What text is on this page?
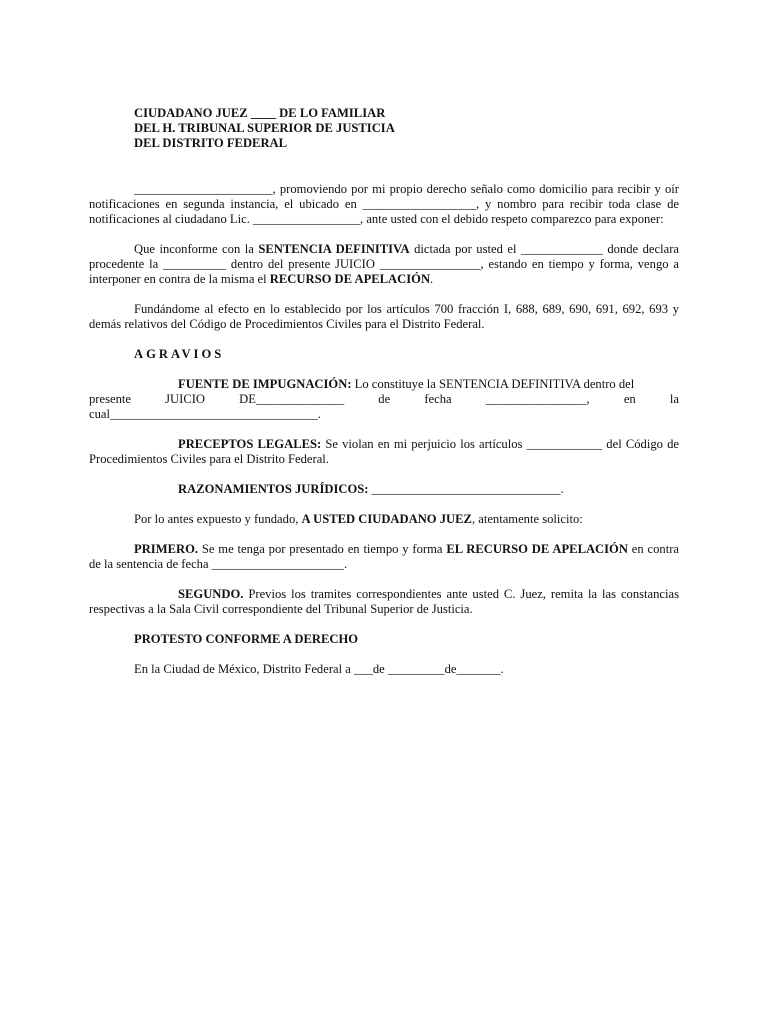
CIUDADANO JUEZ ____ DE LO FAMILIAR
DEL H. TRIBUNAL SUPERIOR DE JUSTICIA
DEL DISTRITO FEDERAL

______________________, promoviendo por mi propio derecho señalo como domicilio para recibir y oír notificaciones en segunda instancia, el ubicado en __________________, y nombro para recibir toda clase de notificaciones al ciudadano Lic. _________________, ante usted con el debido respeto comparezco para exponer:

Que inconforme con la SENTENCIA DEFINITIVA dictada por usted el _____________ donde declara procedente la __________ dentro del presente JUICIO ________________, estando en tiempo y forma, vengo a interponer en contra de la misma el RECURSO DE APELACIÓN.

Fundándome al efecto en lo establecido por los artículos 700 fracción I, 688, 689, 690, 691, 692, 693 y demás relativos del Código de Procedimientos Civiles para el Distrito Federal.

AGRAVIOS

FUENTE DE IMPUGNACIÓN: Lo constituye la SENTENCIA DEFINITIVA dentro del

presente	JUICIO	DE______________	de	fecha	________________,	en	la
cual_________________________________.

PRECEPTOS LEGALES: Se violan en mi perjuicio los artículos ____________ del Código de Procedimientos Civiles para el Distrito Federal.

RAZONAMIENTOS JURÍDICOS: ______________________________.

Por lo antes expuesto y fundado, A USTED CIUDADANO JUEZ, atentamente solicito:

PRIMERO. Se me tenga por presentado en tiempo y forma EL RECURSO DE APELACIÓN en contra de la sentencia de fecha _____________________.

SEGUNDO. Previos los tramites correspondientes ante usted C. Juez, remita la las constancias respectivas a la Sala Civil correspondiente del Tribunal Superior de Justicia.

PROTESTO CONFORME A DERECHO

En la Ciudad de México, Distrito Federal a ___de _________de_______.
